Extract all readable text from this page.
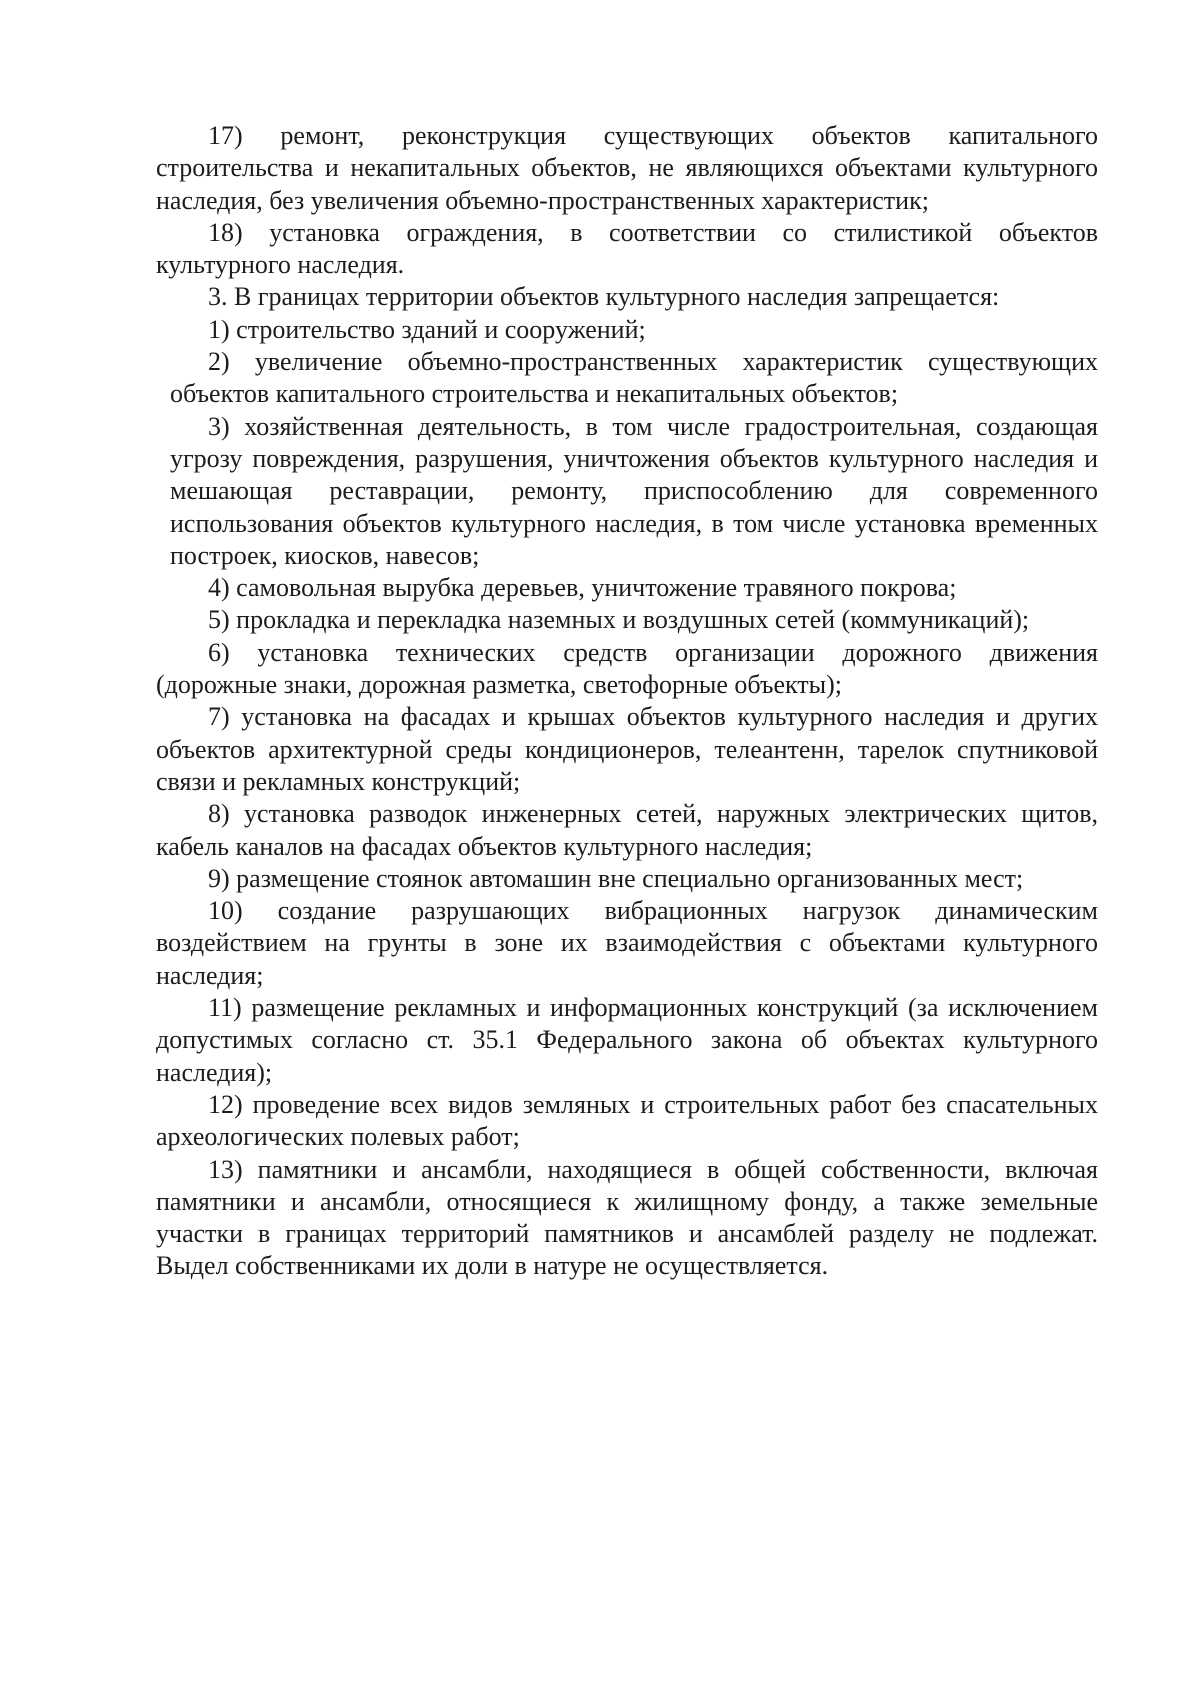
17) ремонт, реконструкция существующих объектов капитального строительства и некапитальных объектов, не являющихся объектами культурного наследия, без увеличения объемно-пространственных характеристик;

18) установка ограждения, в соответствии со стилистикой объектов культурного наследия.

3. В границах территории объектов культурного наследия запрещается:

1) строительство зданий и сооружений;

2) увеличение объемно-пространственных характеристик существующих объектов капитального строительства и некапитальных объектов;

3) хозяйственная деятельность, в том числе градостроительная, создающая угрозу повреждения, разрушения, уничтожения объектов культурного наследия и мешающая реставрации, ремонту, приспособлению для современного использования объектов культурного наследия, в том числе установка временных построек, киосков, навесов;

4) самовольная вырубка деревьев, уничтожение травяного покрова;

5) прокладка и перекладка наземных и воздушных сетей (коммуникаций);

6) установка технических средств организации дорожного движения (дорожные знаки, дорожная разметка, светофорные объекты);

7) установка на фасадах и крышах объектов культурного наследия и других объектов архитектурной среды кондиционеров, телеантенн, тарелок спутниковой связи и рекламных конструкций;

8) установка разводок инженерных сетей, наружных электрических щитов, кабель каналов на фасадах объектов культурного наследия;

9) размещение стоянок автомашин вне специально организованных мест;

10) создание разрушающих вибрационных нагрузок динамическим воздействием на грунты в зоне их взаимодействия с объектами культурного наследия;

11) размещение рекламных и информационных конструкций (за исключением допустимых согласно ст. 35.1 Федерального закона об объектах культурного наследия);

12) проведение всех видов земляных и строительных работ без спасательных археологических полевых работ;

13) памятники и ансамбли, находящиеся в общей собственности, включая памятники и ансамбли, относящиеся к жилищному фонду, а также земельные участки в границах территорий памятников и ансамблей разделу не подлежат. Выдел собственниками их доли в натуре не осуществляется.
